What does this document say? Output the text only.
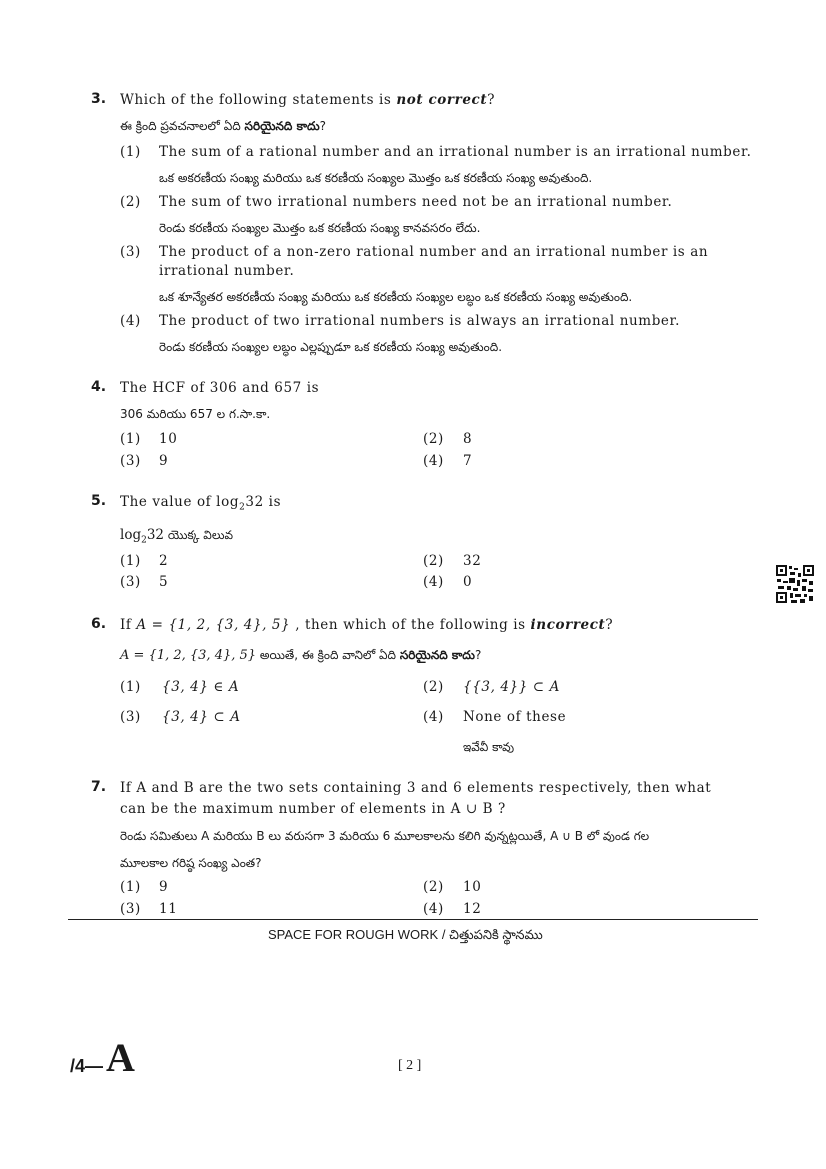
3. Which of the following statements is not correct?
ఈ క్రింది ప్రవచనాలలో ఏది సరియైనది కాదు?
(1) The sum of a rational number and an irrational number is an irrational number.
ఒక అకరణీయ సంఖ్య మరియు ఒక కరణీయ సంఖ్యల మొత్తం ఒక కరణీయ సంఖ్య అవుతుంది.
(2) The sum of two irrational numbers need not be an irrational number.
రెండు కరణీయ సంఖ్యల మొత్తం ఒక కరణీయ సంఖ్య కానవసరం లేదు.
(3) The product of a non-zero rational number and an irrational number is an
irrational number.
ఒక శూన్యేతర అకరణీయ సంఖ్య మరియు ఒక కరణీయ సంఖ్యల లబ్ధం ఒక కరణీయ సంఖ్య అవుతుంది.
(4) The product of two irrational numbers is always an irrational number.
రెండు కరణీయ సంఖ్యల లబ్ధం ఎల్లప్పుడూ ఒక కరణీయ సంఖ్య అవుతుంది.
4. The HCF of 306 and 657 is
306 మరియు 657 ల గ.సా.కా.
(1) 10	(2) 8
(3) 9	(4) 7
5. The value of $\log_232$ is
$\log_232$ యొక్క విలువ
(1) 2	(2) 32
(3) 5	(4) 0
6. If A = {1, 2, {3, 4}, 5} , then which of the following is incorrect?
A = {1, 2, {3, 4}, 5} అయితే, ఈ క్రింది వానిలో ఏది సరియైనది కాదు?
(1) {3, 4} ∈ A	(2) {{3, 4}} ⊂ A
(3) {3, 4} ⊂ A	(4) None of these
ఇవేవీ కావు
7. If A and B are the two sets containing 3 and 6 elements respectively, then what
can be the maximum number of elements in A ∪ B ?
రెండు సమితులు A మరియు B లు వరుసగా 3 మరియు 6 మూలకాలను కలిగి వున్నట్లయితే, A ∪ B లో వుండ గల
మూలకాల గరిష్ఠ సంఖ్య ఎంత?
(1) 9	(2) 10
(3) 11	(4) 12
SPACE FOR ROUGH WORK / చిత్తుపనికి స్థానము
/4— A	[ 2 ]
